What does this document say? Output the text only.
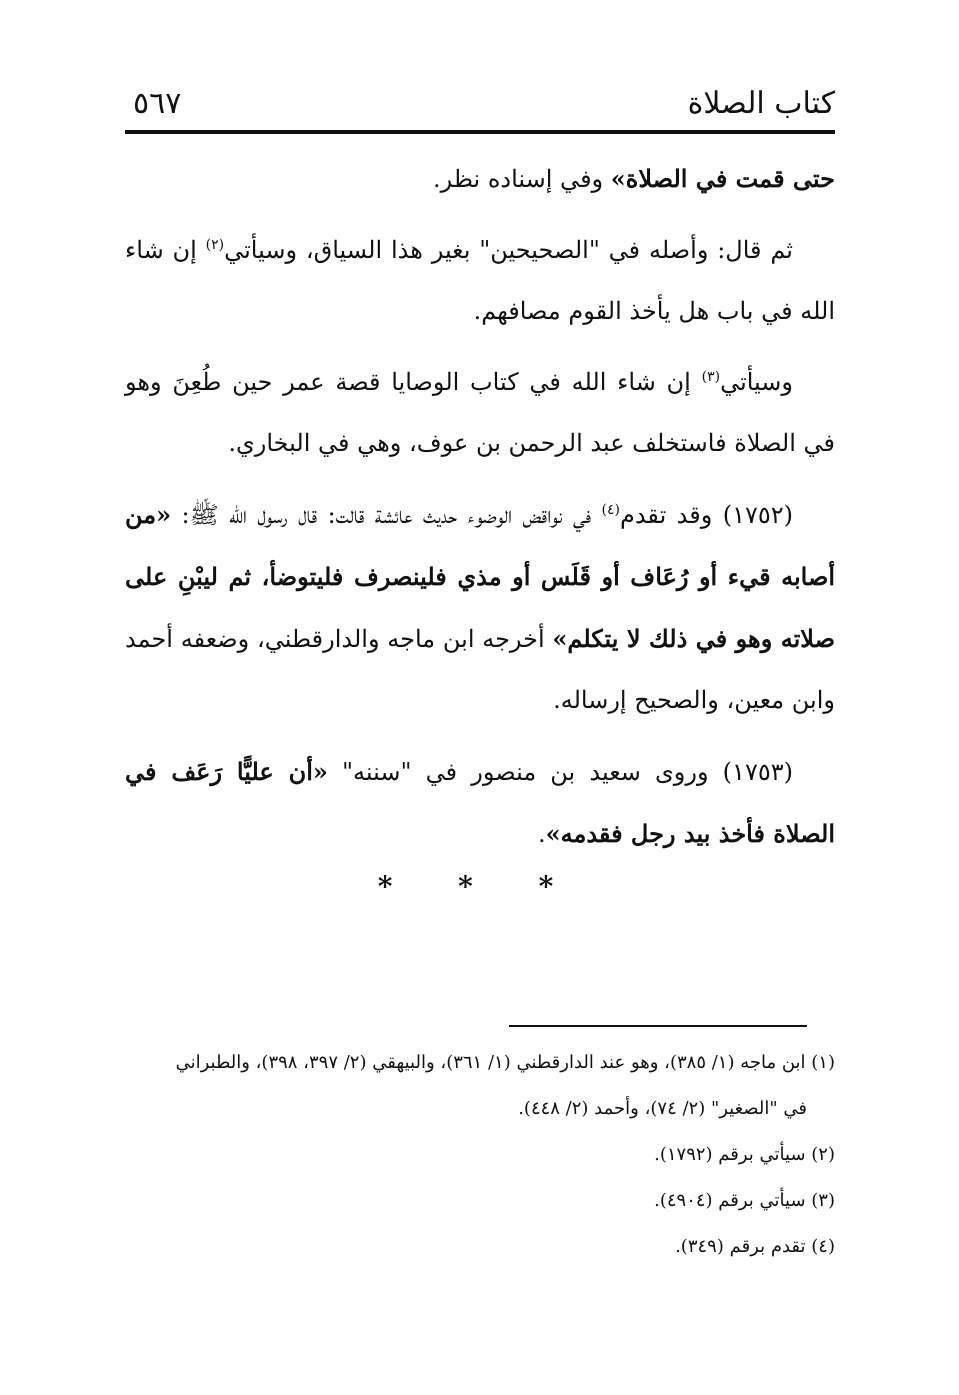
كتاب الصلاة
٥٦٧

حتى قمت في الصلاة» وفي إسناده نظر.

ثم قال: وأصله في "الصحيحين" بغير هذا السياق، وسيأتي$^{(٢)}$ إن شاء الله في باب هل يأخذ القوم مصافهم.

وسيأتي$^{(٣)}$ إن شاء الله في كتاب الوصايا قصة عمر حين طُعِنَ وهو في الصلاة فاستخلف عبد الرحمن بن عوف، وهي في البخاري.

(١٧٥٢) وقد تقدم$^{(٤)}$ في نواقض الوضوء حديث عائشة قالت: قال رسول الله ﷺ: «من أصابه قيء أو رُعَاف أو قَلَس أو مذي فلينصرف فليتوضأ، ثم ليبْنِ على صلاته وهو في ذلك لا يتكلم» أخرجه ابن ماجه والدارقطني، وضعفه أحمد وابن معين، والصحيح إرساله.

(١٧٥٣) وروى سعيد بن منصور في "سننه" «أن عليًّا رَعَف في الصلاة فأخذ بيد رجل فقدمه».

* * *

(١) ابن ماجه (١/ ٣٨٥)، وهو عند الدارقطني (١/ ٣٦١)، والبيهقي (٢/ ٣٩٧، ٣٩٨)، والطبراني
في "الصغير" (٢/ ٧٤)، وأحمد (٢/ ٤٤٨).

(٢) سيأتي برقم (١٧٩٢).

(٣) سيأتي برقم (٤٩٠٤).

(٤) تقدم برقم (٣٤٩).
